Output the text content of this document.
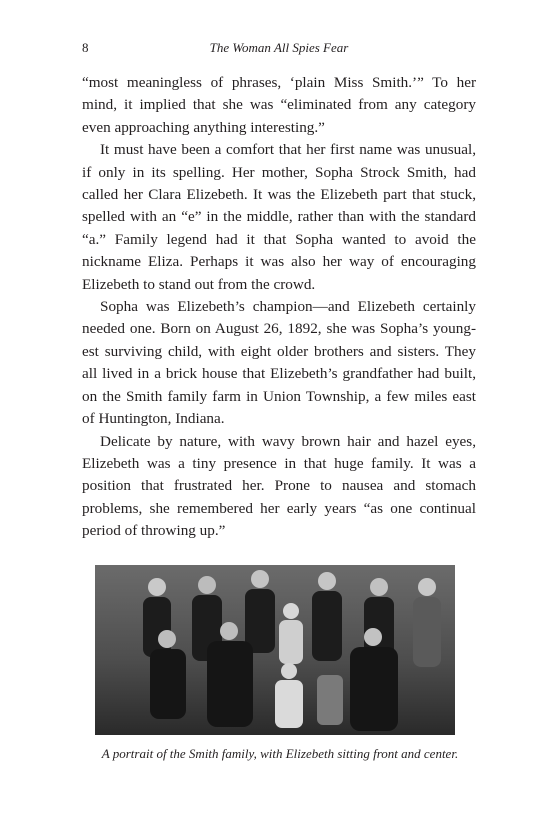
8	The Woman All Spies Fear

“most meaningless of phrases, ‘plain Miss Smith.’” To her mind, it implied that she was “eliminated from any category even approaching anything interesting.”

It must have been a comfort that her first name was unusual, if only in its spelling. Her mother, Sopha Strock Smith, had called her Clara Elizebeth. It was the Elizebeth part that stuck, spelled with an “e” in the middle, rather than with the standard “a.” Family legend had it that Sopha wanted to avoid the nickname Eliza. Perhaps it was also her way of encouraging Elizebeth to stand out from the crowd.

Sopha was Elizebeth’s champion—and Elizebeth certainly needed one. Born on August 26, 1892, she was Sopha’s youngest surviving child, with eight older brothers and sisters. They all lived in a brick house that Elizebeth’s grandfather had built, on the Smith family farm in Union Township, a few miles east of Huntington, Indiana.

Delicate by nature, with wavy brown hair and hazel eyes, Elizebeth was a tiny presence in that huge family. It was a position that frustrated her. Prone to nausea and stomach problems, she remembered her early years “as one continual period of throwing up.”

A portrait of the Smith family, with Elizebeth sitting front and center.
